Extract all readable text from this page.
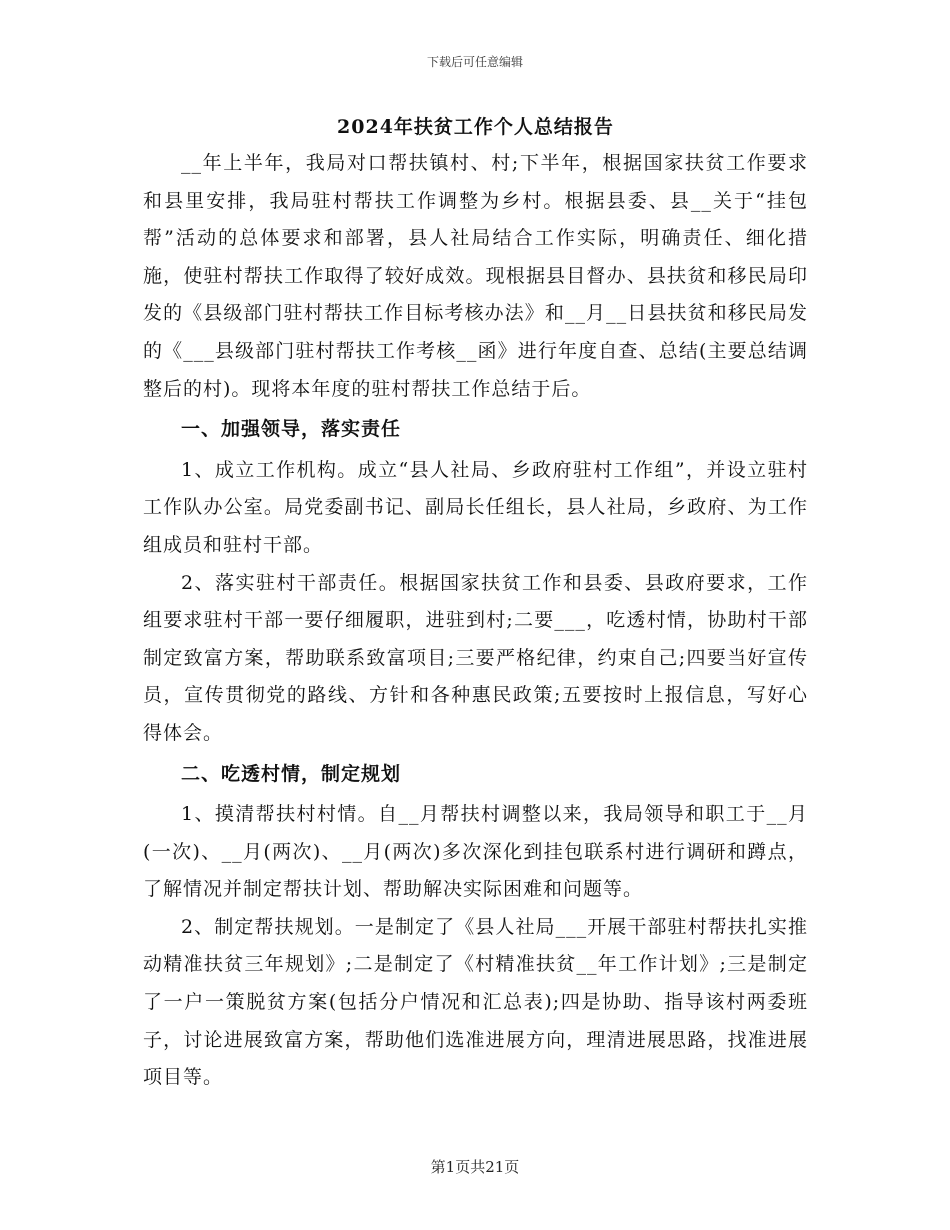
下载后可任意编辑
2024年扶贫工作个人总结报告

__年上半年，我局对口帮扶镇村、村;下半年，根据国家扶贫工作要求和县里安排，我局驻村帮扶工作调整为乡村。根据县委、县__关于“挂包帮”活动的总体要求和部署，县人社局结合工作实际，明确责任、细化措施，使驻村帮扶工作取得了较好成效。现根据县目督办、县扶贫和移民局印发的《县级部门驻村帮扶工作目标考核办法》和__月__日县扶贫和移民局发的《___县级部门驻村帮扶工作考核__函》进行年度自查、总结(主要总结调整后的村)。现将本年度的驻村帮扶工作总结于后。

一、加强领导，落实责任

1、成立工作机构。成立“县人社局、乡政府驻村工作组”，并设立驻村工作队办公室。局党委副书记、副局长任组长，县人社局，乡政府、为工作组成员和驻村干部。

2、落实驻村干部责任。根据国家扶贫工作和县委、县政府要求，工作组要求驻村干部一要仔细履职，进驻到村;二要___，吃透村情，协助村干部制定致富方案，帮助联系致富项目;三要严格纪律，约束自己;四要当好宣传员，宣传贯彻党的路线、方针和各种惠民政策;五要按时上报信息，写好心得体会。

二、吃透村情，制定规划

1、摸清帮扶村村情。自__月帮扶村调整以来，我局领导和职工于__月(一次)、__月(两次)、__月(两次)多次深化到挂包联系村进行调研和蹲点，了解情况并制定帮扶计划、帮助解决实际困难和问题等。

2、制定帮扶规划。一是制定了《县人社局___开展干部驻村帮扶扎实推动精准扶贫三年规划》;二是制定了《村精准扶贫__年工作计划》;三是制定了一户一策脱贫方案(包括分户情况和汇总表);四是协助、指导该村两委班子，讨论进展致富方案，帮助他们选准进展方向，理清进展思路，找准进展项目等。

第1页共21页
